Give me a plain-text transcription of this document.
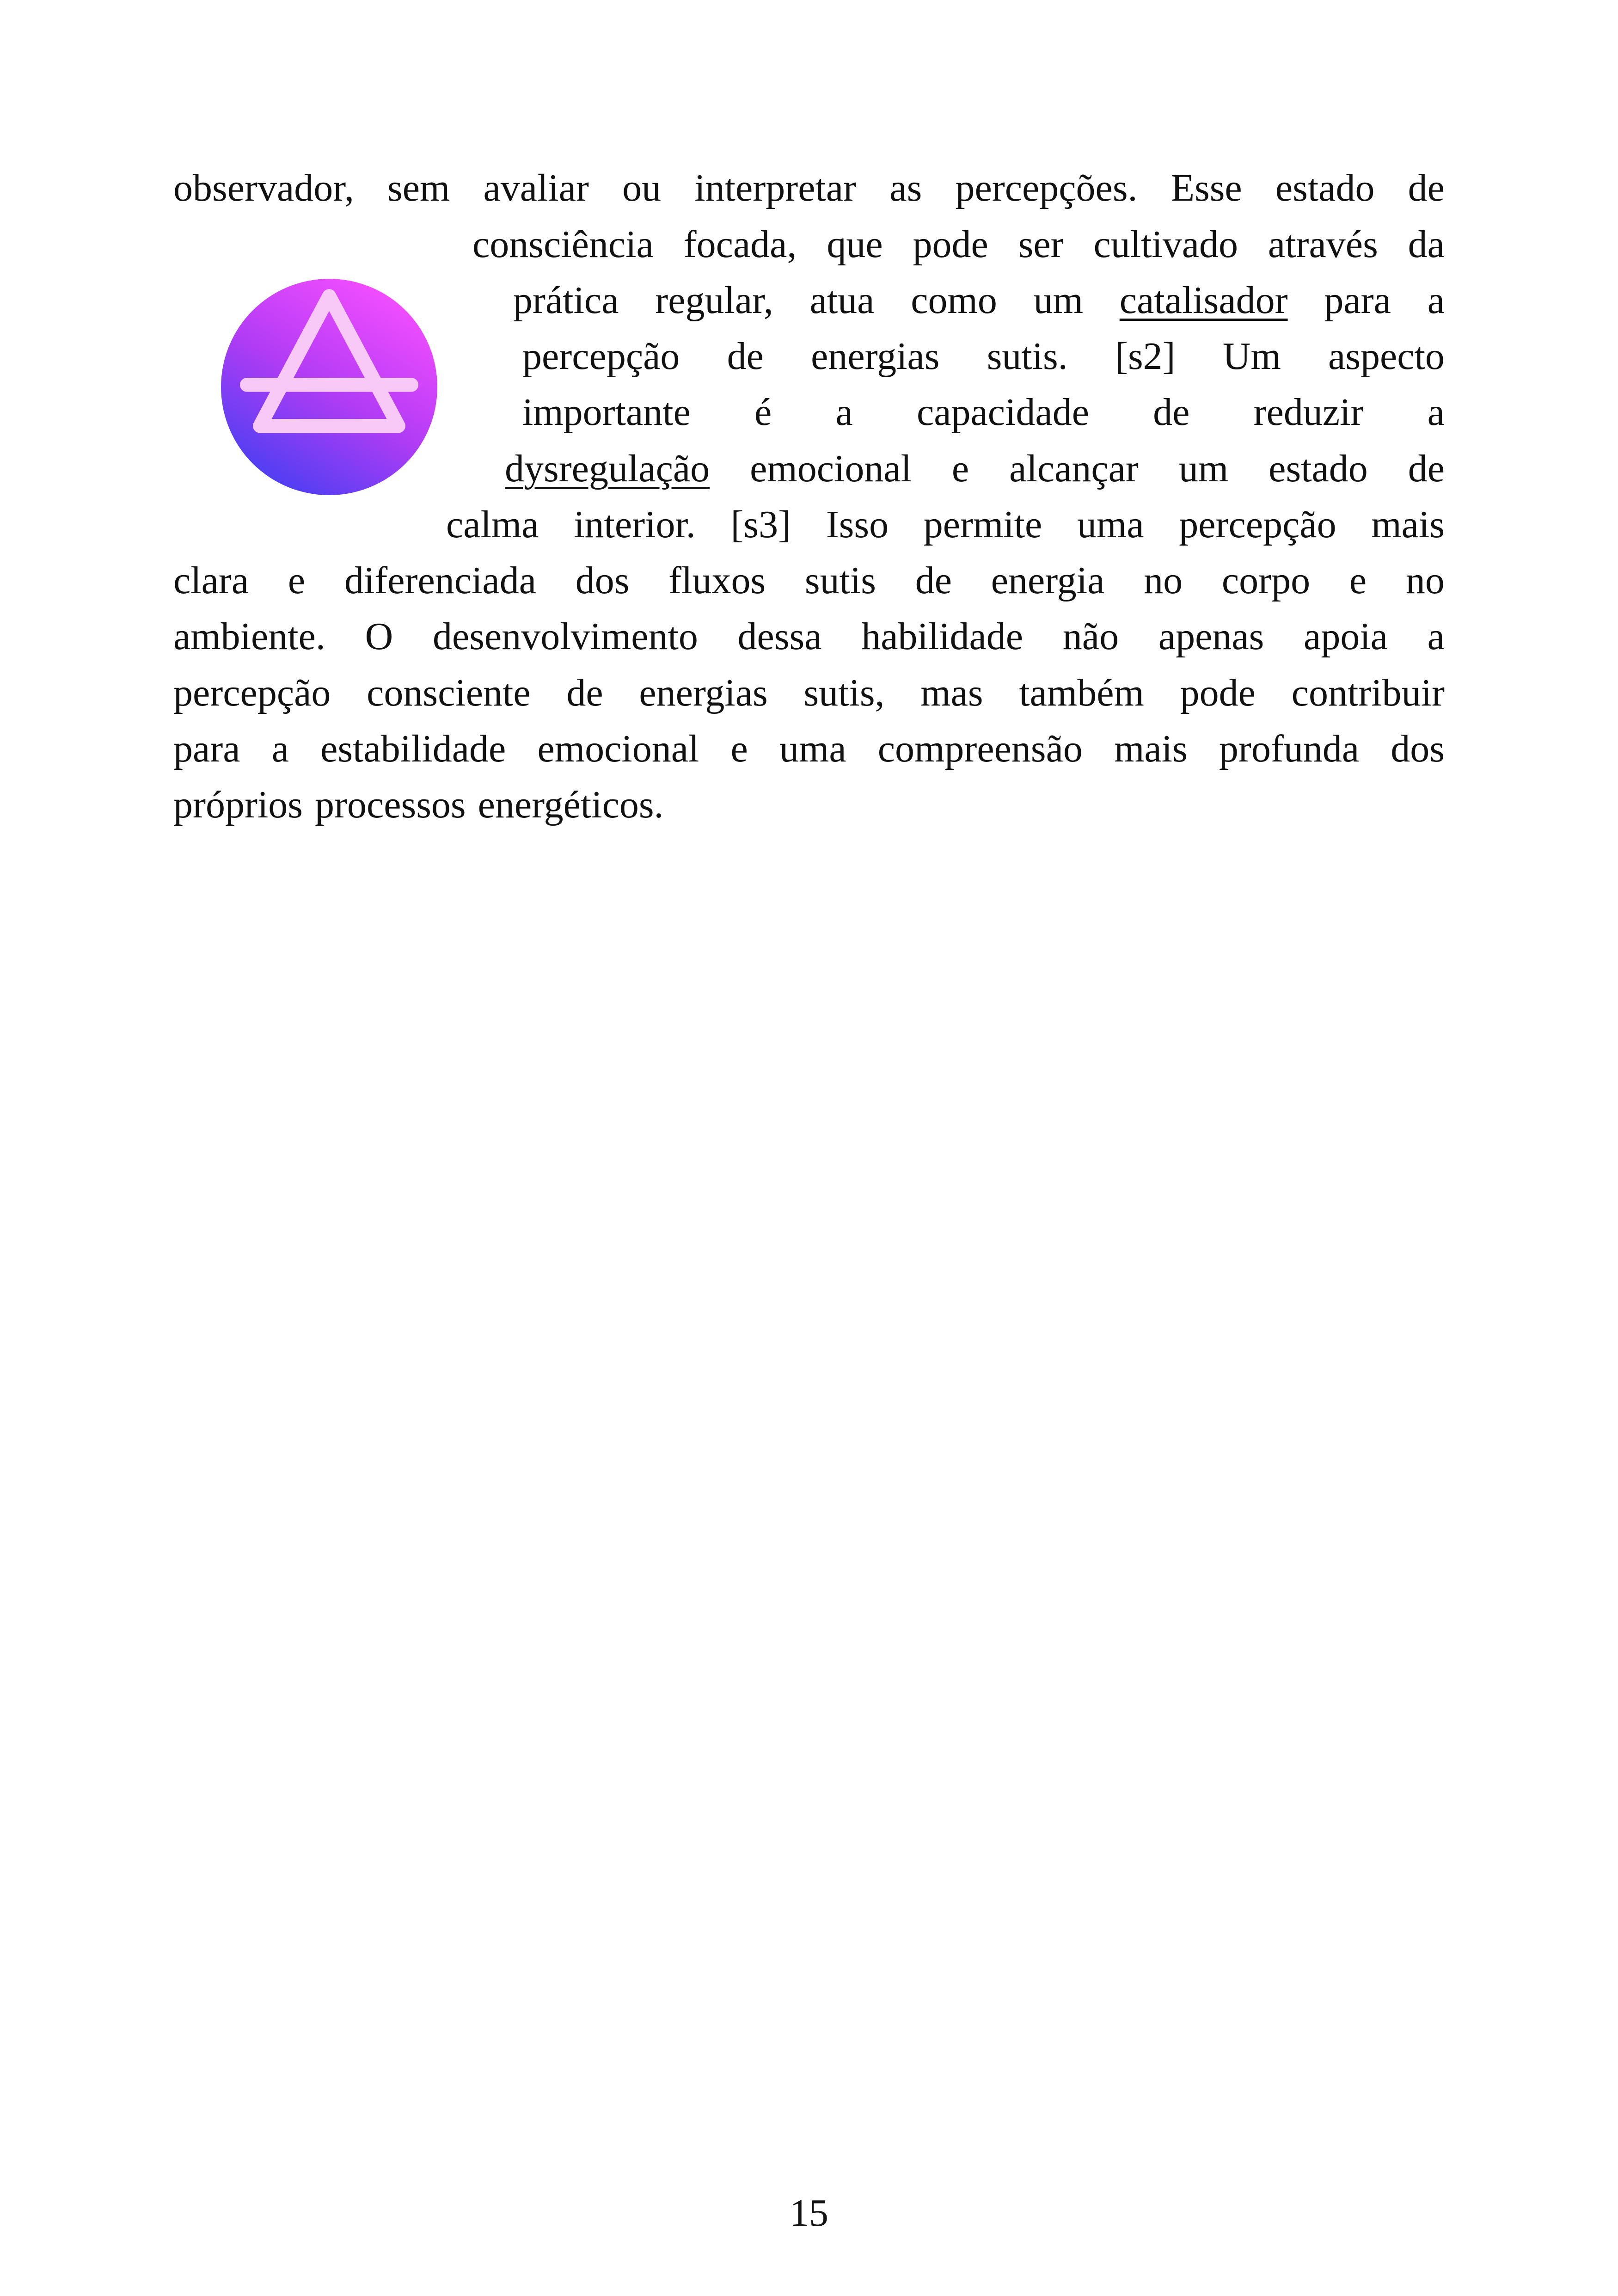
observador, sem avaliar ou interpretar as percepções. Esse estado de
consciência focada, que pode ser cultivado através da
prática regular, atua como um catalisador para a
percepção de energias sutis. [s2] Um aspecto
importante é a capacidade de reduzir a
dysregulação emocional e alcançar um estado de
calma interior. [s3] Isso permite uma percepção mais
clara e diferenciada dos fluxos sutis de energia no corpo e no
ambiente. O desenvolvimento dessa habilidade não apenas apoia a
percepção consciente de energias sutis, mas também pode contribuir
para a estabilidade emocional e uma compreensão mais profunda dos
próprios processos energéticos.
15
